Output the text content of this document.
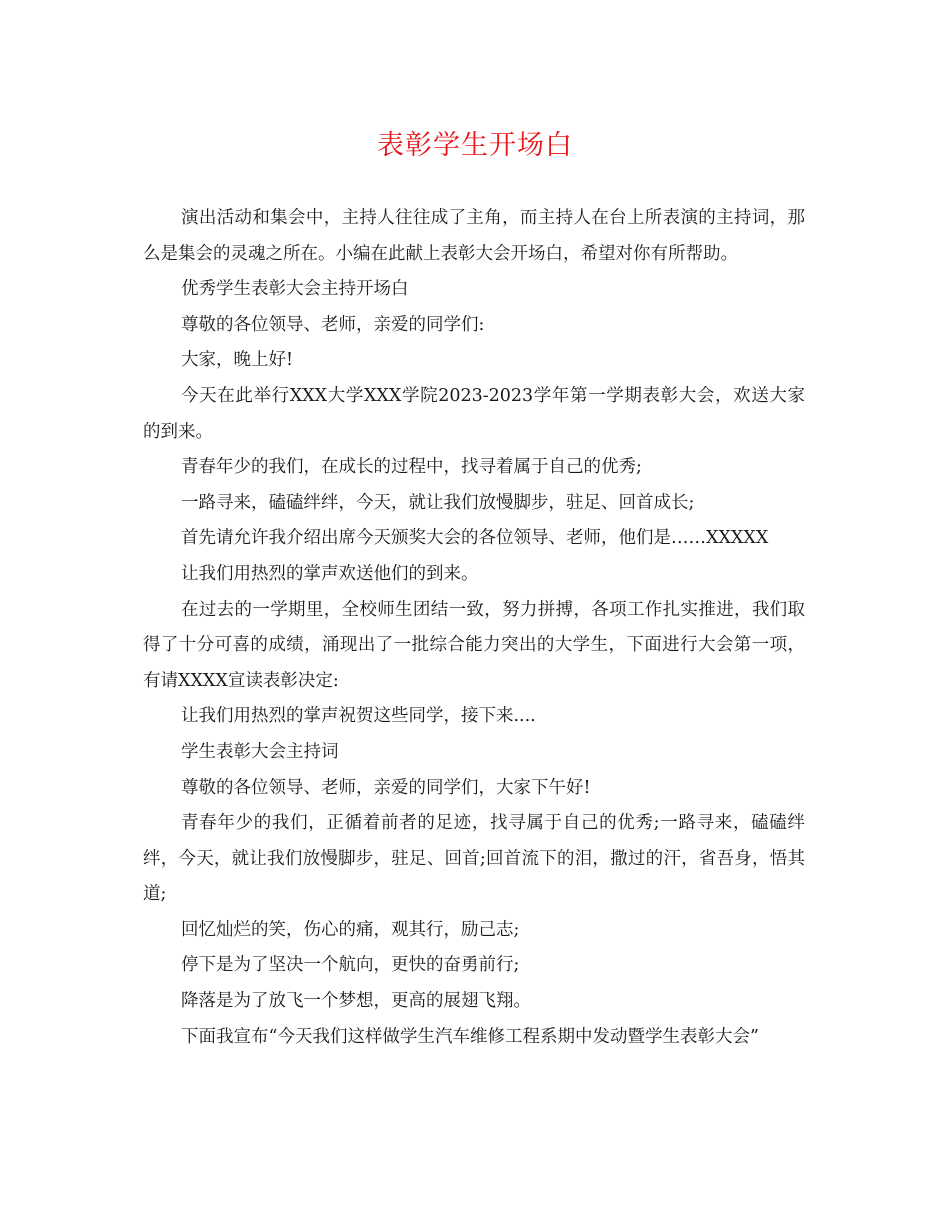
表彰学生开场白

演出活动和集会中，主持人往往成了主角，而主持人在台上所表演的主持词，那么是集会的灵魂之所在。小编在此献上表彰大会开场白，希望对你有所帮助。

优秀学生表彰大会主持开场白

尊敬的各位领导、老师，亲爱的同学们:

大家，晚上好!

今天在此举行XXX大学XXX学院2023-2023学年第一学期表彰大会，欢送大家的到来。

青春年少的我们，在成长的过程中，找寻着属于自己的优秀;

一路寻来，磕磕绊绊，今天，就让我们放慢脚步，驻足、回首成长;

首先请允许我介绍出席今天颁奖大会的各位领导、老师，他们是……XXXXX

让我们用热烈的掌声欢送他们的到来。

在过去的一学期里，全校师生团结一致，努力拼搏，各项工作扎实推进，我们取得了十分可喜的成绩，涌现出了一批综合能力突出的大学生，下面进行大会第一项，有请XXXX宣读表彰决定:

让我们用热烈的掌声祝贺这些同学，接下来....

学生表彰大会主持词

尊敬的各位领导、老师，亲爱的同学们，大家下午好!

青春年少的我们，正循着前者的足迹，找寻属于自己的优秀;一路寻来，磕磕绊绊，今天，就让我们放慢脚步，驻足、回首;回首流下的泪，撒过的汗，省吾身，悟其道;

回忆灿烂的笑，伤心的痛，观其行，励己志;

停下是为了坚决一个航向，更快的奋勇前行;

降落是为了放飞一个梦想，更高的展翅飞翔。

下面我宣布“今天我们这样做学生汽车维修工程系期中发动暨学生表彰大会”
